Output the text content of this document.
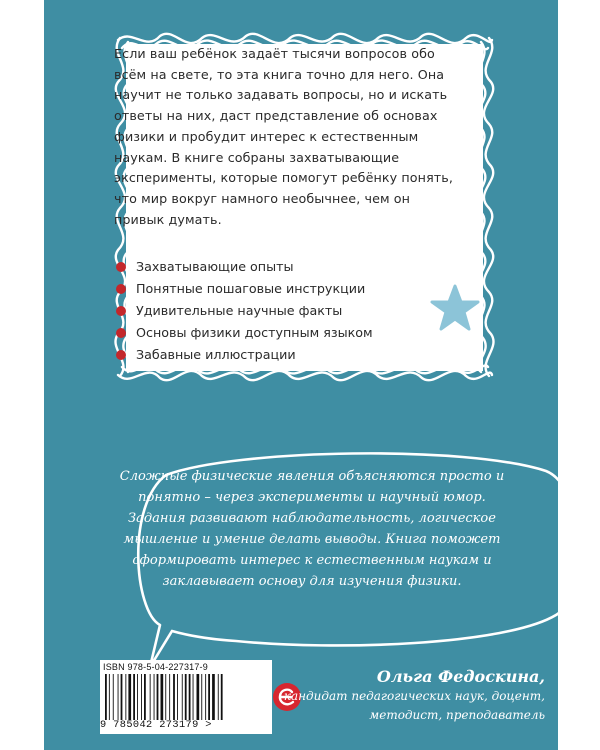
Если ваш ребёнок задаёт тысячи вопросов обо всём на свете, то эта книга точно для него. Она научит не только задавать вопросы, но и искать ответы на них, даст представление об основах физики и пробудит интерес к естественным наукам. В книге собраны захватывающие эксперименты, которые помогут ребёнку понять, что мир вокруг намного необычнее, чем он привык думать.

Захватывающие опыты
Понятные пошаговые инструкции
Удивительные научные факты
Основы физики доступным языком
Забавные иллюстрации

Сложные физические явления объясняются просто и понятно – через эксперименты и научный юмор. Задания развивают наблюдательность, логическое мышление и умение делать выводы. Книга поможет сформировать интерес к естественным наукам и заклавывает основу для изучения физики.

ISBN 978-5-04-227317-9
9 785042 273179 >

Ольга Федоскина,
кандидат педагогических наук, доцент, методист, преподаватель
